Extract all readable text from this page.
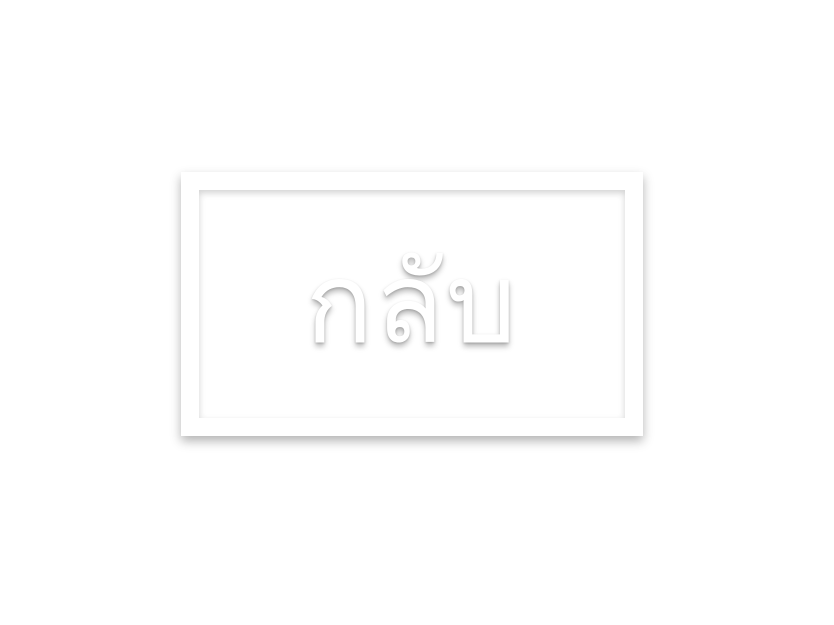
กลับ
